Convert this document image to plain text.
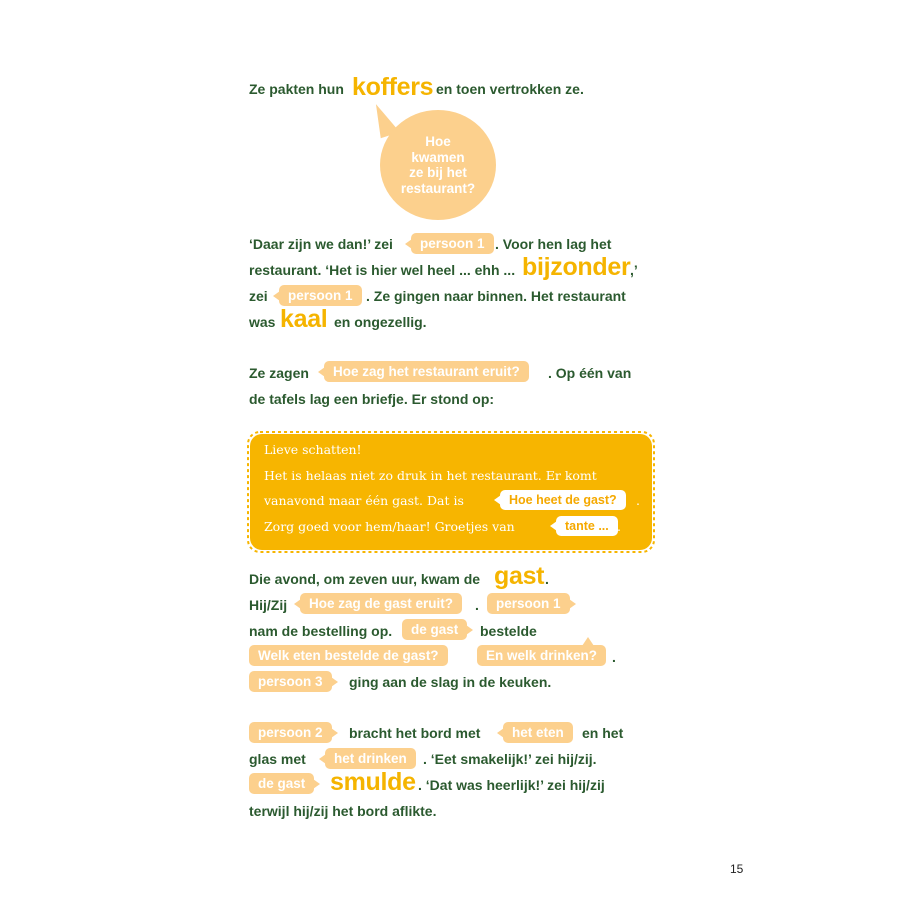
Ze pakten hun koffers en toen vertrokken ze.
Hoe
kwamen
ze bij het
restaurant?
‘Daar zijn we dan!’ zei	persoon 1 . Voor hen lag het
restaurant. ‘Het is hier wel heel ... ehh ... bijzonder ,’
zei	persoon 1 . Ze gingen naar binnen. Het restaurant
was kaal en ongezellig.
Ze zagen	Hoe zag het restaurant eruit?	. Op één van
de tafels lag een briefje. Er stond op:
Lieve schatten!
Het is helaas niet zo druk in het restaurant. Er komt
vanavond maar één gast. Dat is	Hoe heet de gast?	.
Zorg goed voor hem/haar! Groetjes van	tante ... .
Die avond, om zeven uur, kwam de gast .
Hij/Zij	Hoe zag de gast eruit?	.	persoon 1
nam de bestelling op.	de gast	bestelde
Welk eten bestelde de gast?	En welk drinken?	.
persoon 3	ging aan de slag in de keuken.
persoon 2	bracht het bord met	het eten	en het
glas met	het drinken	. ‘Eet smakelijk!’ zei hij/zij.
de gast smulde . ‘Dat was heerlijk!’ zei hij/zij
terwijl hij/zij het bord aflikte.
15
